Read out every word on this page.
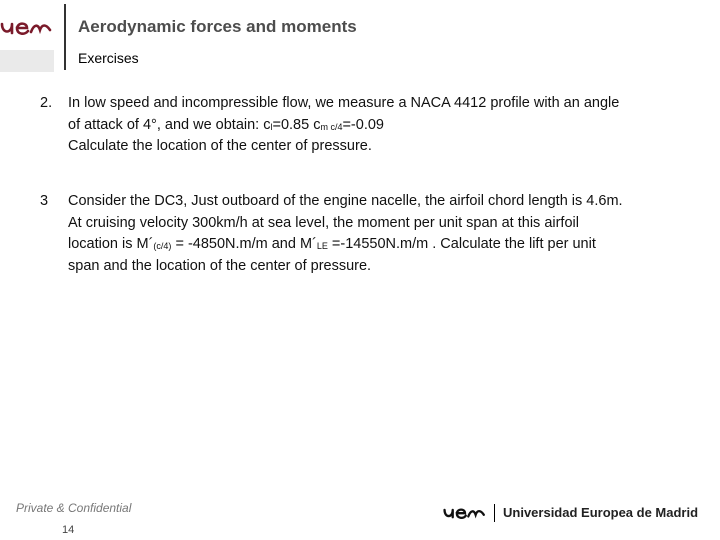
Aerodynamic forces and moments
Exercises
2. In low speed and incompressible flow, we measure a NACA 4412 profile with an angle
of attack of 4°, and we obtain: $c_l=0.85$ $c_{m c/4}=-0.09$
Calculate the location of the center of pressure.
3 Consider the DC3, Just outboard of the engine nacelle, the airfoil chord length is 4.6m.
At cruising velocity 300km/h at sea level, the moment per unit span at this airfoil
location is $M´_{(c/4)} = -4850N.m/m$ and $M´_{LE} =-14550N.m/m$ . Calculate the lift per unit
span and the location of the center of pressure.
Private & Confidential
14
Universidad Europea de Madrid
